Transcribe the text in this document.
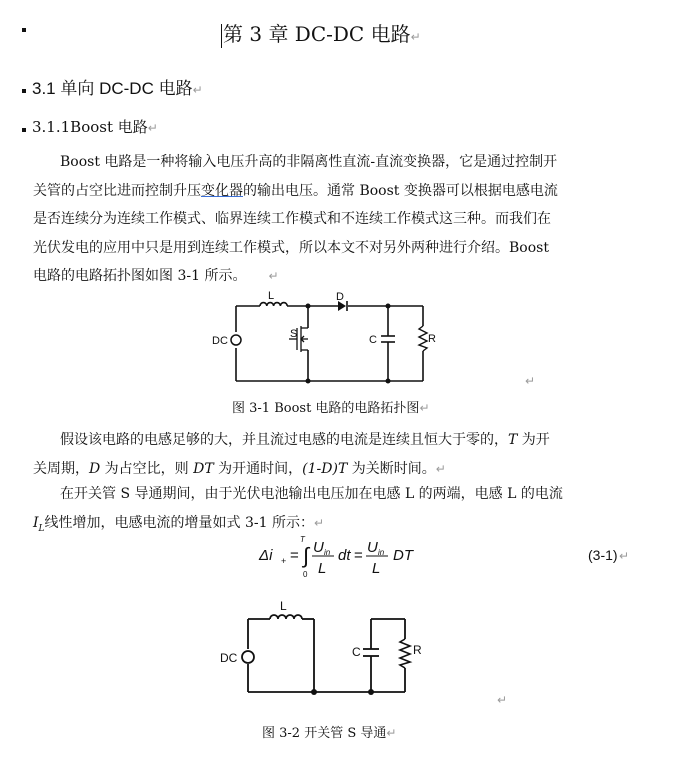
第 3 章 DC-DC 电路↵
3.1 单向 DC-DC 电路↵
3.1.1Boost 电路↵
Boost 电路是一种将输入电压升高的非隔离性直流-直流变换器，它是通过控制开
关管的占空比进而控制升压变化器的输出电压。通常 Boost 变换器可以根据电感电流
是否连续分为连续工作模式、临界连续工作模式和不连续工作模式这三种。而我们在
光伏发电的应用中只是用到连续工作模式，所以本文不对另外两种进行介绍。Boost
电路的电路拓扑图如图 3-1 所示。 ↵
L	D
S
DC	C	R
↵
图 3-1 Boost 电路的电路拓扑图↵
假设该电路的电感足够的大，并且流过电感的电流是连续且恒大于零的，T 为开
关周期，D 为占空比，则 DT 为开通时间，(1-D)T 为关断时间。↵
在开关管 S 导通期间，由于光伏电池输出电压加在电感 L 的两端，电感 L 的电流
$I_L$线性增加，电感电流的增量如式 3-1 所示：↵
Δi + = ∫
T
0
U in
L
dt = U in
L
DT	(3-1) ↵
L
DC	C	R
↵
图 3-2 开关管 S 导通↵
